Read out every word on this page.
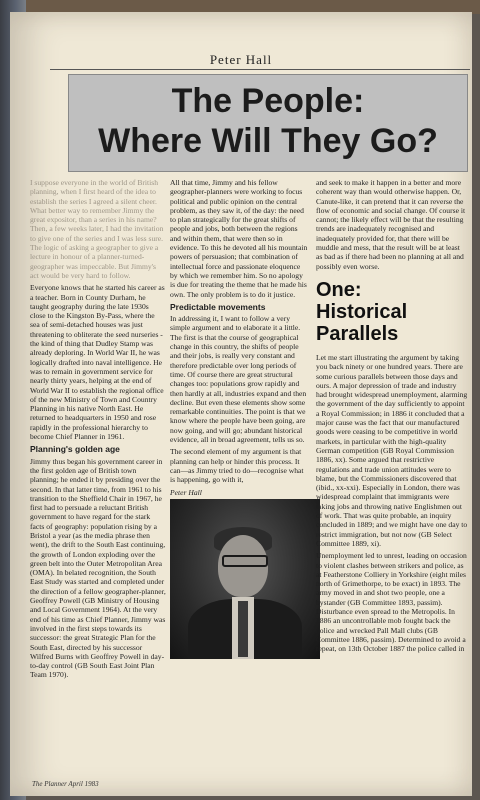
Peter Hall
The People:
Where Will They Go?

I suppose everyone in the world of British planning, when I first heard of the idea to establish the series I agreed a silent cheer. What better way to remember Jimmy the great expositor, than a series in his name? Then, a few weeks later, I had the invitation to give one of the series and I was less sure. The logic of asking a geographer to give a lecture in honour of a planner-turned-geographer was impeccable. But Jimmy's act would be very hard to follow.

Everyone knows that he started his career as a teacher. Born in County Durham, he taught geography during the late 1930s close to the Kingston By-Pass, where the sea of semi-detached houses was just threatening to obliterate the seed nurseries - the kind of thing that Dudley Stamp was already deploring. In World War II, he was logically drafted into naval intelligence. He was to remain in government service for nearly thirty years, helping at the end of World War II to establish the regional office of the new Ministry of Town and Country Planning in his native North East. He returned to headquarters in 1950 and rose rapidly in the professional hierarchy to become Chief Planner in 1961.

Planning's golden age

Jimmy thus began his government career in the first golden age of British town planning; he ended it by presiding over the second. In that latter time, from 1961 to his transition to the Sheffield Chair in 1967, he first had to persuade a reluctant British government to have regard for the stark facts of geography: population rising by a Bristol a year (as the media phrase then went), the drift to the South East continuing, the growth of London exploding over the green belt into the Outer Metropolitan Area (OMA). In belated recognition, the South East Study was started and completed under the direction of a fellow geographer-planner, Geoffrey Powell (GB Ministry of Housing and Local Government 1964). At the very end of his time as Chief Planner, Jimmy was involved in the first steps towards its successor: the great Strategic Plan for the South East, directed by his successor Wilfred Burns with Geoffrey Powell in day-to-day control (GB South East Joint Plan Team 1970).

All that time, Jimmy and his fellow geographer-planners were working to focus political and public opinion on the central problem, as they saw it, of the day: the need to plan strategically for the great shifts of people and jobs, both between the regions and within them, that were then so in evidence. To this he devoted all his mountain powers of persuasion; that combination of intellectual force and passionate eloquence by which we remember him. So no apology is due for treating the theme that he made his own. The only problem is to do it justice.

Predictable movements

In addressing it, I want to follow a very simple argument and to elaborate it a little. The first is that the course of geographical change in this country, the shifts of people and their jobs, is really very constant and therefore predictable over long periods of time. Of course there are great structural changes too: populations grow rapidly and then hardly at all, industries expand and then decline. But even these elements show some remarkable continuities. The point is that we know where the people have been going, are now going, and will go; abundant historical evidence, all in broad agreement, tells us so.

The second element of my argument is that planning can help or hinder this process. It can—as Jimmy tried to do—recognise what is happening, go with it,

Peter Hall

and seek to make it happen in a better and more coherent way than would otherwise happen. Or, Canute-like, it can pretend that it can reverse the flow of economic and social change. Of course it cannot; the likely effect will be that the resulting trends are inadequately recognised and inadequately provided for, that there will be muddle and mess, that the result will be at least as bad as if there had been no planning at all and possibly even worse.

One:
Historical
Parallels

Let me start illustrating the argument by taking you back ninety or one hundred years. There are some curious parallels between those days and ours. A major depression of trade and industry had brought widespread unemployment, alarming the government of the day sufficiently to appoint a Royal Commission; in 1886 it concluded that a major cause was the fact that our manufactured goods were ceasing to be competitive in world markets, in particular with the high-quality German competition (GB Royal Commission 1886, xx). Some argued that restrictive regulations and trade union attitudes were to blame, but the Commissioners discovered that (ibid., xx-xxi). Especially in London, there was widespread complaint that immigrants were taking jobs and throwing native Englishmen out of work. That was quite probable, an inquiry concluded in 1889; and we might have one day to restrict immigration, but not now (GB Select Committee 1889, xi).

Unemployment led to unrest, leading on occasion to violent clashes between strikers and police, as at Featherstone Colliery in Yorkshire (eight miles north of Grimethorpe, to be exact) in 1893. The army moved in and shot two people, one a bystander (GB Committee 1893, passim). Disturbance even spread to the Metropolis. In 1886 an uncontrollable mob fought back the police and wrecked Pall Mall clubs (GB Committee 1886, passim). Determined to avoid a repeat, on 13th October 1887 the police called in

The Planner April 1983
